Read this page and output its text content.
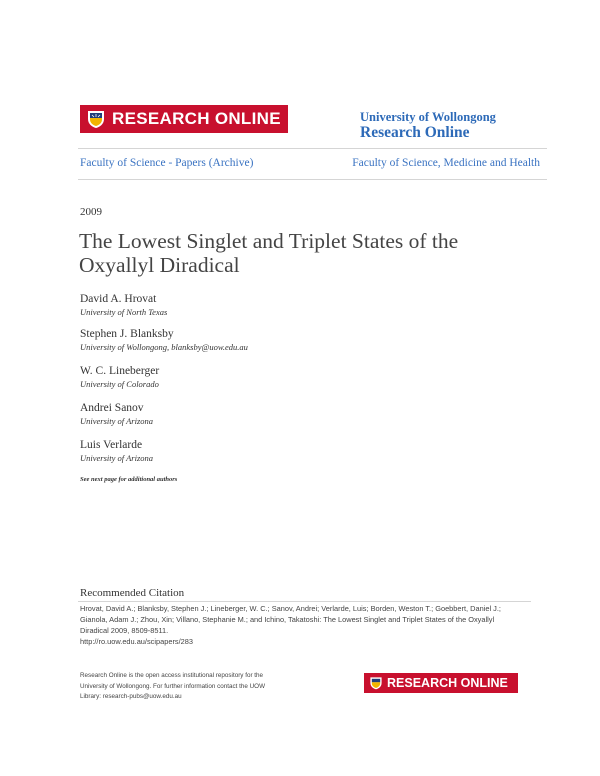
RESEARCH ONLINE	University of Wollongong
Research Online
Faculty of Science - Papers (Archive)	Faculty of Science, Medicine and Health
2009
The Lowest Singlet and Triplet States of the Oxyallyl Diradical
David A. Hrovat
University of North Texas
Stephen J. Blanksby
University of Wollongong, blanksby@uow.edu.au
W. C. Lineberger
University of Colorado
Andrei Sanov
University of Arizona
Luis Verlarde
University of Arizona
See next page for additional authors
Recommended Citation
Hrovat, David A.; Blanksby, Stephen J.; Lineberger, W. C.; Sanov, Andrei; Verlarde, Luis; Borden, Weston T.; Goebbert, Daniel J.;
Gianola, Adam J.; Zhou, Xin; Villano, Stephanie M.; and Ichino, Takatoshi: The Lowest Singlet and Triplet States of the Oxyallyl
Diradical 2009, 8509-8511.
http://ro.uow.edu.au/scipapers/283
Research Online is the open access institutional repository for the
University of Wollongong. For further information contact the UOW
Library: research-pubs@uow.edu.au
RESEARCH ONLINE
